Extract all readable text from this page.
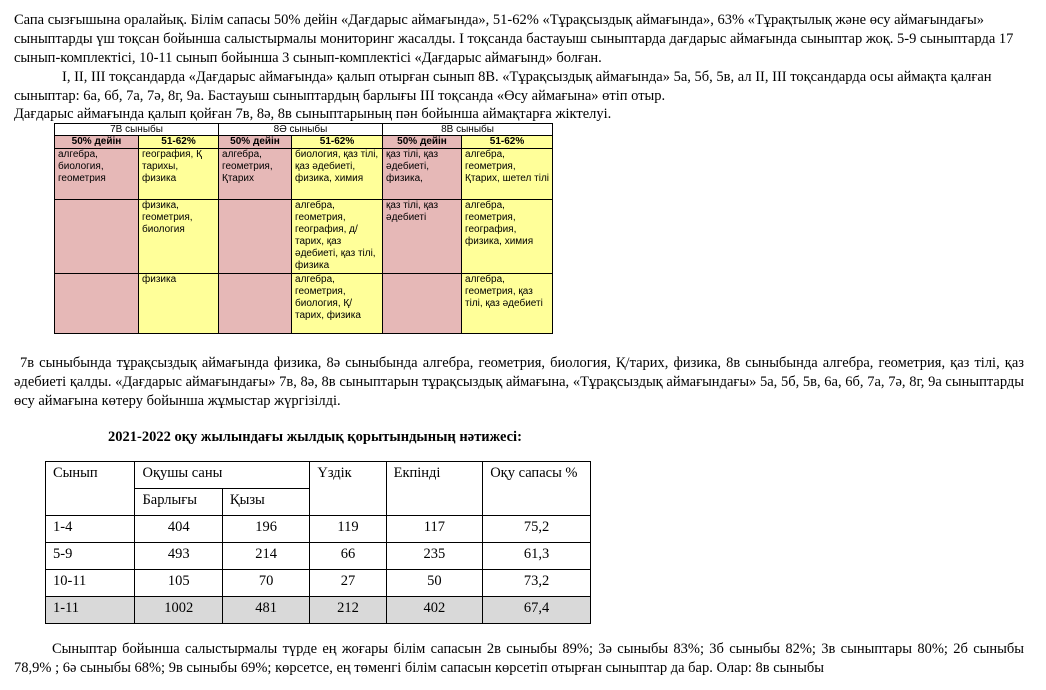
Сапа сызғышына оралайық. Білім сапасы 50% дейін «Дағдарыс аймағында», 51-62% «Тұрақсыздық аймағында», 63% «Тұрақтылық және өсу аймағындағы» сыныптарды үш тоқсан бойынша салыстырмалы мониторинг жасалды. І тоқсанда бастауыш сыныптарда дағдарыс аймағында сыныптар жоқ. 5-9 сыныптарда 17 сынып-комплектісі, 10-11 сынып бойынша 3 сынып-комплектісі «Дағдарыс аймағынд» болған.
І, ІІ, ІІІ тоқсандарда «Дағдарыс аймағында» қалып отырған сынып 8В. «Тұрақсыздық аймағында» 5а, 5б, 5в, ал ІІ, ІІІ тоқсандарда осы аймақта қалған сыныптар: 6а, 6б, 7а, 7ә, 8г, 9а. Бастауыш сыныптардың барлығы ІІІ тоқсанда «Өсу аймағына» өтіп отыр.
Дағдарыс аймағында қалып қойған 7в, 8ә, 8в сыныптарының пән бойынша аймақтарға жіктелуі.
7В сыныбы		8Ә сыныбы		8В сыныбы	
50% дейін	51-62%	50% дейін	51-62%	50% дейін	51-62%
алгебра, биология, геометрия	география, Қ тарихы, физика	алгебра, геометрия, Қтарих	биология, қаз тілі, қаз әдебиеті, физика, химия	қаз тілі, қаз әдебиеті, физика,	алгебра, геометрия, Қтарих, шетел тілі
	физика, геометрия, биология		алгебра, геометрия, география, д/тарих, қаз әдебиеті, қаз тілі, физика	қаз тілі, қаз әдебиеті	алгебра, геометрия, география, физика, химия
	физика		алгебра, геометрия, биология, Қ/тарих, физика		алгебра, геометрия, қаз тілі, қаз әдебиеті
7в сыныбында тұрақсыздық аймағында физика, 8ә сыныбында алгебра, геометрия, биология, Қ/тарих, физика, 8в сыныбында алгебра, геометрия, қаз тілі, қаз әдебиеті қалды. «Дағдарыс аймағындағы» 7в, 8ә, 8в сыныптарын тұрақсыздық аймағына, «Тұрақсыздық аймағындағы» 5а, 5б, 5в, 6а, 6б, 7а, 7ә, 8г, 9а сыныптарды өсу аймағына көтеру бойынша жұмыстар жүргізілді.
2021-2022 оқу жылындағы жылдық қорытындының нәтижесі:
Сынып	Оқушы саны		Үздік	Екпінді	Оқу сапасы %
	Барлығы	Қызы			
1-4	404	196	119	117	75,2
5-9	493	214	66	235	61,3
10-11	105	70	27	50	73,2
1-11	1002	481	212	402	67,4
Сыныптар бойынша салыстырмалы түрде ең жоғары білім сапасын 2в сыныбы 89%; 3ә сыныбы 83%; 3б сыныбы 82%; 3в сыныптары 80%; 2б сыныбы 78,9% ; 6ә сыныбы 68%; 9в сыныбы 69%; көрсетсе, ең төменгі білім сапасын көрсетіп отырған сыныптар да бар. Олар: 8в сыныбы
